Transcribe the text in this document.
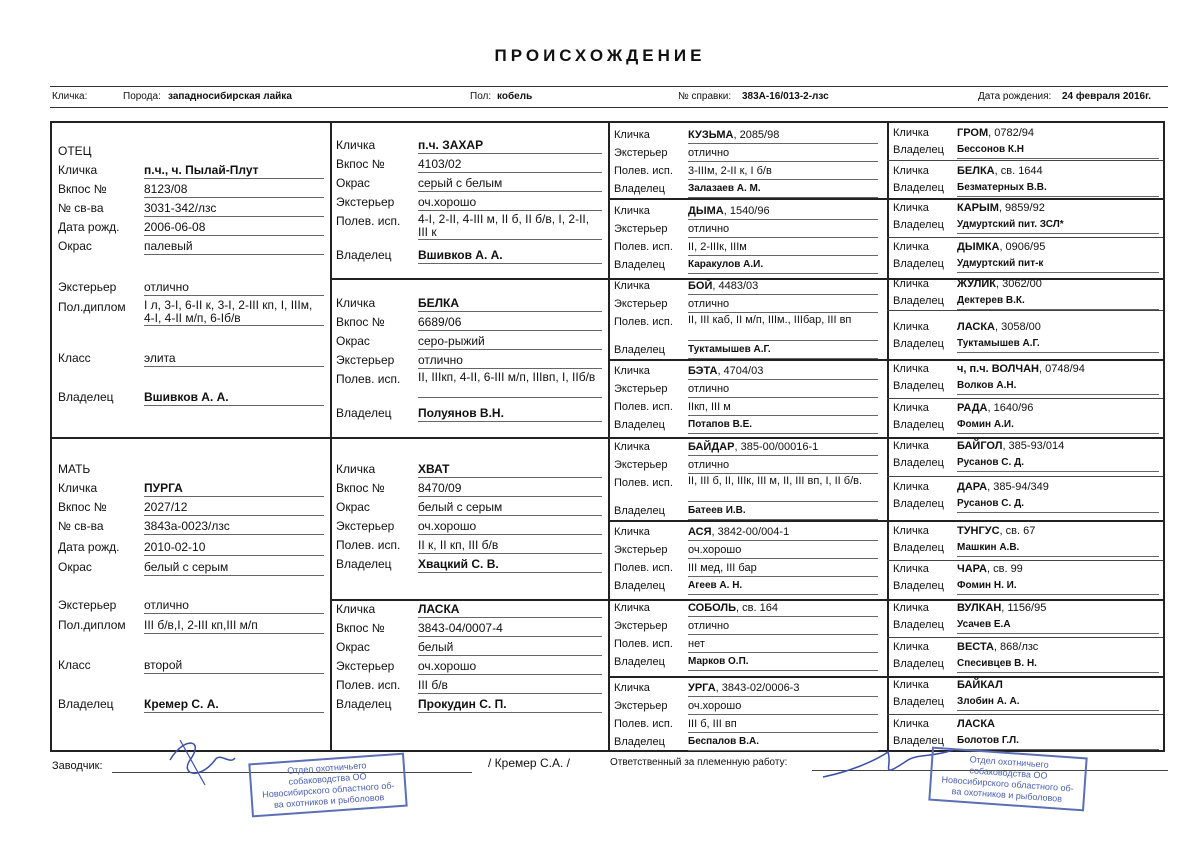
ПРОИСХОЖДЕНИЕ
Кличка:	Порода: западносибирская лайка	Пол: кобель	№ справки: 383А-16/013-2-лзс	Дата рождения: 24 февраля 2016г.
ОТЕЦ
Кличка	п.ч., ч. Пылай-Плут
Вкпос №	8123/08
№ св-ва	3031-342/лзс
Дата рожд. 2006-06-08
Окрас	палевый
Экстерьер отлично
Пол.диплом I л, 3-I, 6-II к, 3-I, 2-III кп, I, IIIм, 4-I, 4-II м/п, 6-Iб/в
Класс	элита
Владелец	Вшивков А. А.
МАТЬ
Кличка	ПУРГА
Вкпос №	2027/12
№ св-ва	3843а-0023/лзс
Дата рожд. 2010-02-10
Окрас	белый с серым
Экстерьер отлично
Пол.диплом III б/в,I, 2-III кп,III м/п
Класс	второй
Владелец	Кремер С. А.
Кличка	п.ч. ЗАХАР
Вкпос №	4103/02
Окрас	серый с белым
Экстерьер оч.хорошо
Полев. исп. 4-I, 2-II, 4-III м, II б, II б/в, I, 2-II, III к
Владелец Вшивков А. А.
Кличка	БЕЛКА
Вкпос №	6689/06
Окрас	серо-рыжий
Экстерьер отлично
Полев. исп. II, IIIкп, 4-II, 6-III м/п, IIIвп, I, IIб/в
Владелец Полуянов В.Н.
Кличка	ХВАТ
Вкпос №	8470/09
Окрас	белый с серым
Экстерьер оч.хорошо
Полев. исп. II к, II кп, III б/в
Владелец Хвацкий С. В.
Кличка	ЛАСКА
Вкпос №	3843-04/0007-4
Окрас	белый
Экстерьер оч.хорошо
Полев. исп. III б/в
Владелец Прокудин С. П.
Кличка	КУЗЬМА, 2085/98
Экстерьер отлично
Полев. исп. 3-IIIм, 2-II к, I б/в
Владелец Залазаев А. М.
Кличка	ДЫМА, 1540/96
Экстерьер отлично
Полев. исп. II, 2-IIIк, IIIм
Владелец Каракулов А.И.
Кличка	БОЙ, 4483/03
Экстерьер отлично
Полев. исп. II, III каб, II м/п, IIIм., IIIбар, III вп
Владелец Туктамышев А.Г.
Кличка	БЭТА, 4704/03
Экстерьер отлично
Полев. исп. IIкп, III м
Владелец Потапов В.Е.
Кличка	БАЙДАР, 385-00/00016-1
Экстерьер отлично
Полев. исп. II, III б, II, IIIк, III м, II, III вп, I, II б/в.
Владелец Батеев И.В.
Кличка	АСЯ, 3842-00/004-1
Экстерьер оч.хорошо
Полев. исп. III мед, III бар
Владелец Агеев А. Н.
Кличка	СОБОЛЬ, св. 164
Экстерьер отлично
Полев. исп. нет
Владелец Марков О.П.
Кличка	УРГА, 3843-02/0006-3
Экстерьер оч.хорошо
Полев. исп. III б, III вп
Владелец Беспалов В.А.
Кличка	ГРОМ, 0782/94
Владелец Бессонов К.Н
Кличка	БЕЛКА, св. 1644
Владелец Безматерных В.В.
Кличка	КАРЫМ, 9859/92
Владелец Удмуртский пит. ЗСЛ*
Кличка	ДЫМКА, 0906/95
Владелец Удмуртский пит-к
Кличка	ЖУЛИК, 3062/00
Владелец Дектерев В.К.
Кличка	ЛАСКА, 3058/00
Владелец Туктамышев А.Г.
Кличка	ч, п.ч. ВОЛЧАН, 0748/94
Владелец Волков А.Н.
Кличка	РАДА, 1640/96
Владелец Фомин А.И.
Кличка	БАЙГОЛ, 385-93/014
Владелец Русанов С. Д.
Кличка	ДАРА, 385-94/349
Владелец Русанов С. Д.
Кличка	ТУНГУС, св. 67
Владелец Машкин А.В.
Кличка	ЧАРА, св. 99
Владелец Фомин Н. И.
Кличка	ВУЛКАН, 1156/95
Владелец Усачев Е.А
Кличка	ВЕСТА, 868/лзс
Владелец Спесивцев В. Н.
Кличка	БАЙКАЛ
Владелец Злобин А. А.
Кличка	ЛАСКА
Владелец Болотов Г.Л.
Заводчик:	/ Кремер С.А. /	Ответственный за племенную работу:
Отдел охотничьего собаководства ОО Новосибирского областного об-ва охотников и рыболовов
Отдел охотничьего собаководства ОО Новосибирского областного об-ва охотников и рыболовов
